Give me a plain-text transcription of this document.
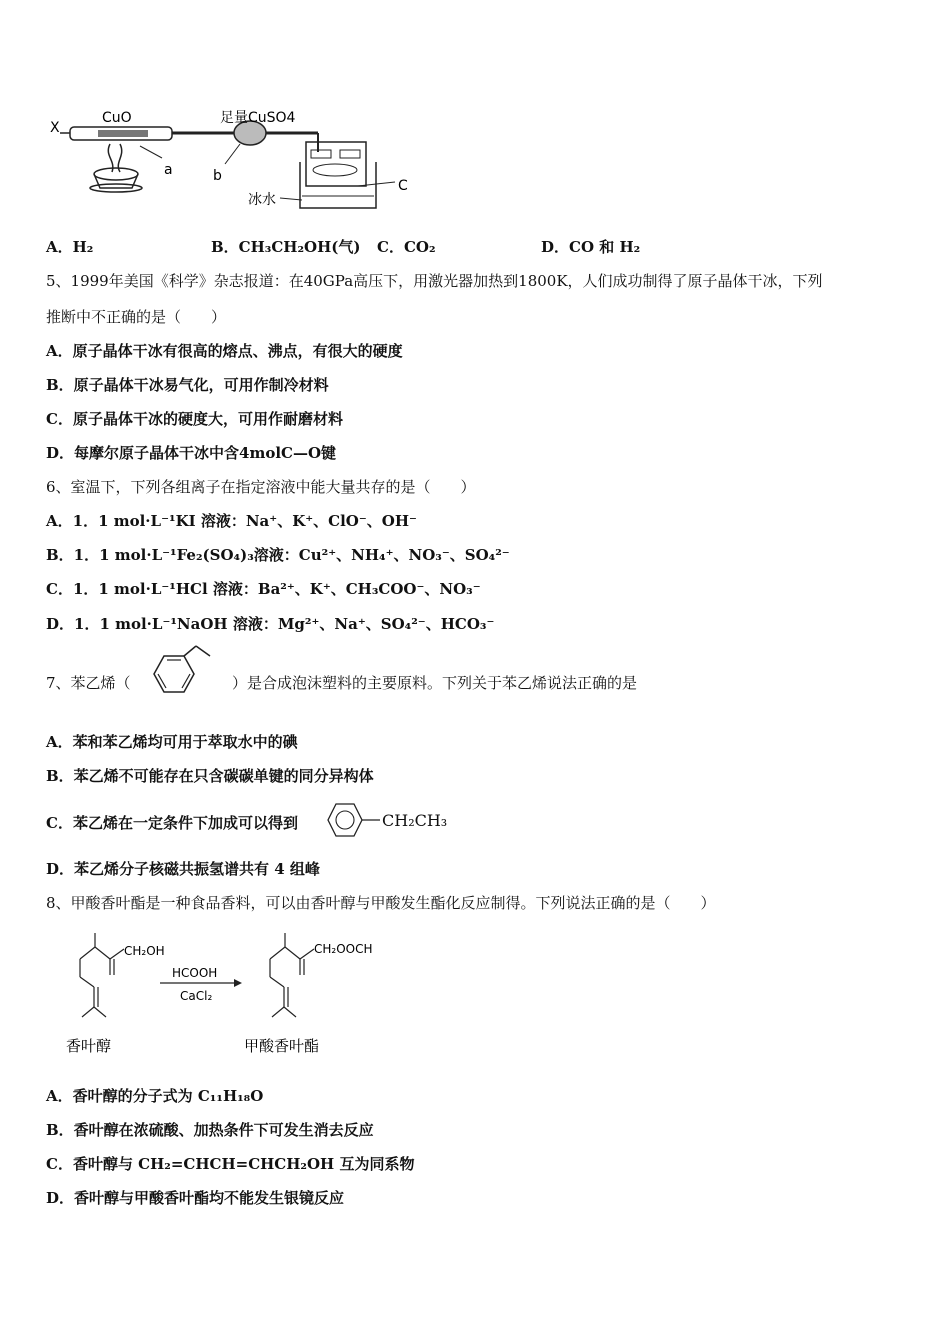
X
CuO
a
足量CuSO4
b
C
冰水
A．H₂	B．CH₃CH₂OH(气) C．CO₂	D．CO 和 H₂
5、1999年美国《科学》杂志报道：在40GPa高压下，用激光器加热到1800K，人们成功制得了原子晶体干冰，下列
推断中不正确的是（　　）
A．原子晶体干冰有很高的熔点、沸点，有很大的硬度
B．原子晶体干冰易气化，可用作制冷材料
C．原子晶体干冰的硬度大，可用作耐磨材料
D．每摩尔原子晶体干冰中含4molC—O键
6、室温下，下列各组离子在指定溶液中能大量共存的是（　　）
A．1．1 mol·L⁻¹KI 溶液：Na⁺、K⁺、ClO⁻、OH⁻
B．1．1 mol·L⁻¹Fe₂(SO₄)₃溶液：Cu²⁺、NH₄⁺、NO₃⁻、SO₄²⁻
C．1．1 mol·L⁻¹HCl 溶液：Ba²⁺、K⁺、CH₃COO⁻、NO₃⁻
D．1．1 mol·L⁻¹NaOH 溶液：Mg²⁺、Na⁺、SO₄²⁻、HCO₃⁻
7、苯乙烯（	）是合成泡沫塑料的主要原料。下列关于苯乙烯说法正确的是
A．苯和苯乙烯均可用于萃取水中的碘
B．苯乙烯不可能存在只含碳碳单键的同分异构体
C．苯乙烯在一定条件下加成可以得到	CH₂CH₃
D．苯乙烯分子核磁共振氢谱共有 4 组峰
8、甲酸香叶酯是一种食品香料，可以由香叶醇与甲酸发生酯化反应制得。下列说法正确的是（　　）
CH₂OH
HCOOH
CaCl₂
CH₂OOCH
香叶醇	甲酸香叶酯
A．香叶醇的分子式为 C₁₁H₁₈O
B．香叶醇在浓硫酸、加热条件下可发生消去反应
C．香叶醇与 CH₂=CHCH=CHCH₂OH 互为同系物
D．香叶醇与甲酸香叶酯均不能发生银镜反应
